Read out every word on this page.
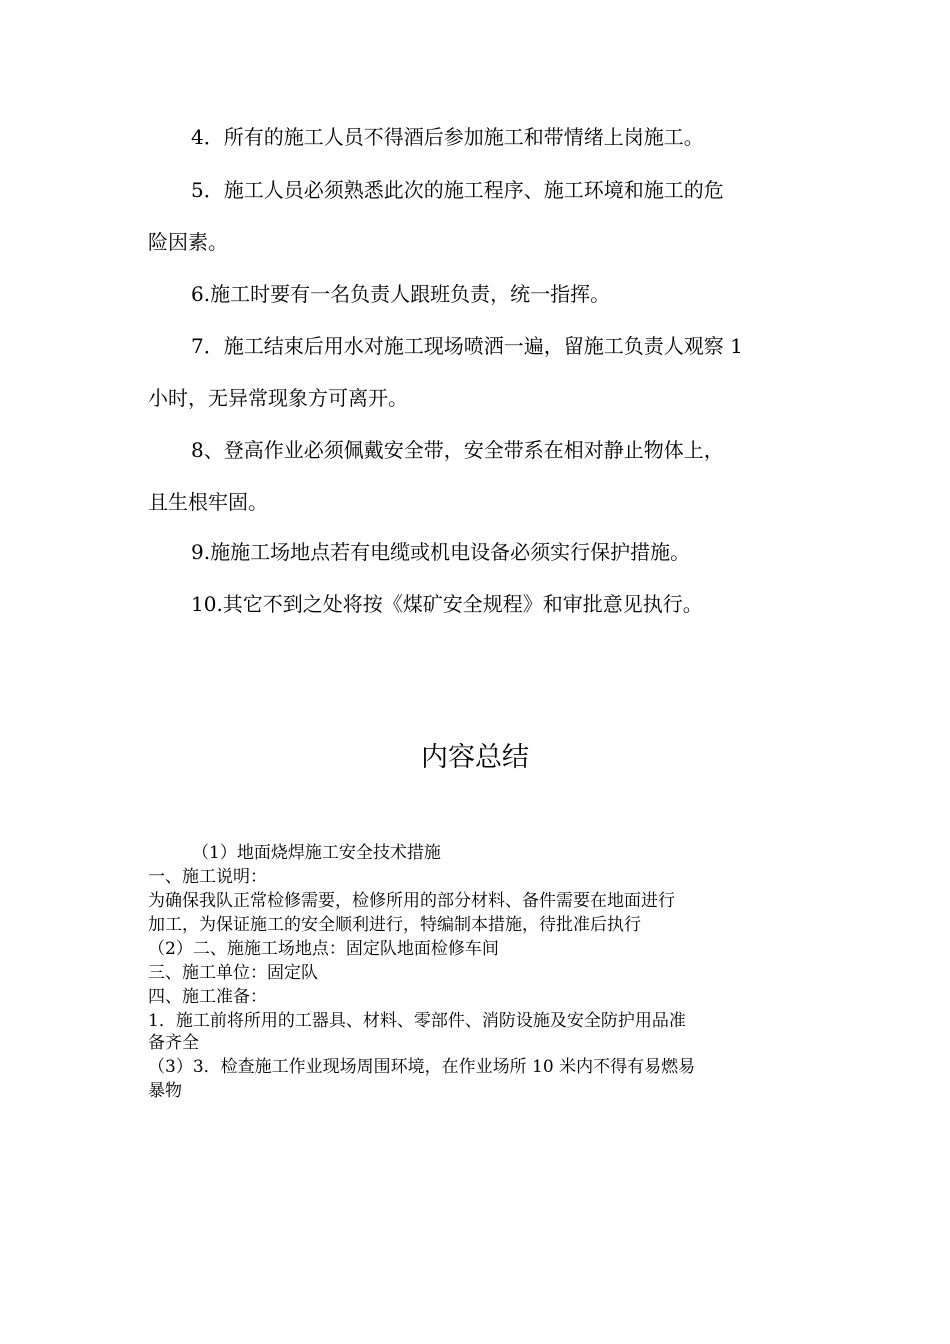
4．所有的施工人员不得酒后参加施工和带情绪上岗施工。
5．施工人员必须熟悉此次的施工程序、施工环境和施工的危
险因素。
6.施工时要有一名负责人跟班负责，统一指挥。
7．施工结束后用水对施工现场喷洒一遍，留施工负责人观察 1
小时，无异常现象方可离开。
8、登高作业必须佩戴安全带，安全带系在相对静止物体上，
且生根牢固。
9.施施工场地点若有电缆或机电设备必须实行保护措施。
10.其它不到之处将按《煤矿安全规程》和审批意见执行。
内容总结
（1）地面烧焊施工安全技术措施
一、施工说明：
为确保我队正常检修需要，检修所用的部分材料、备件需要在地面进行
加工，为保证施工的安全顺利进行，特编制本措施，待批准后执行
（2）二、施施工场地点：固定队地面检修车间
三、施工单位：固定队
四、施工准备：
1．施工前将所用的工器具、材料、零部件、消防设施及安全防护用品准
备齐全
（3）3．检查施工作业现场周围环境，在作业场所 10 米内不得有易燃易
暴物
